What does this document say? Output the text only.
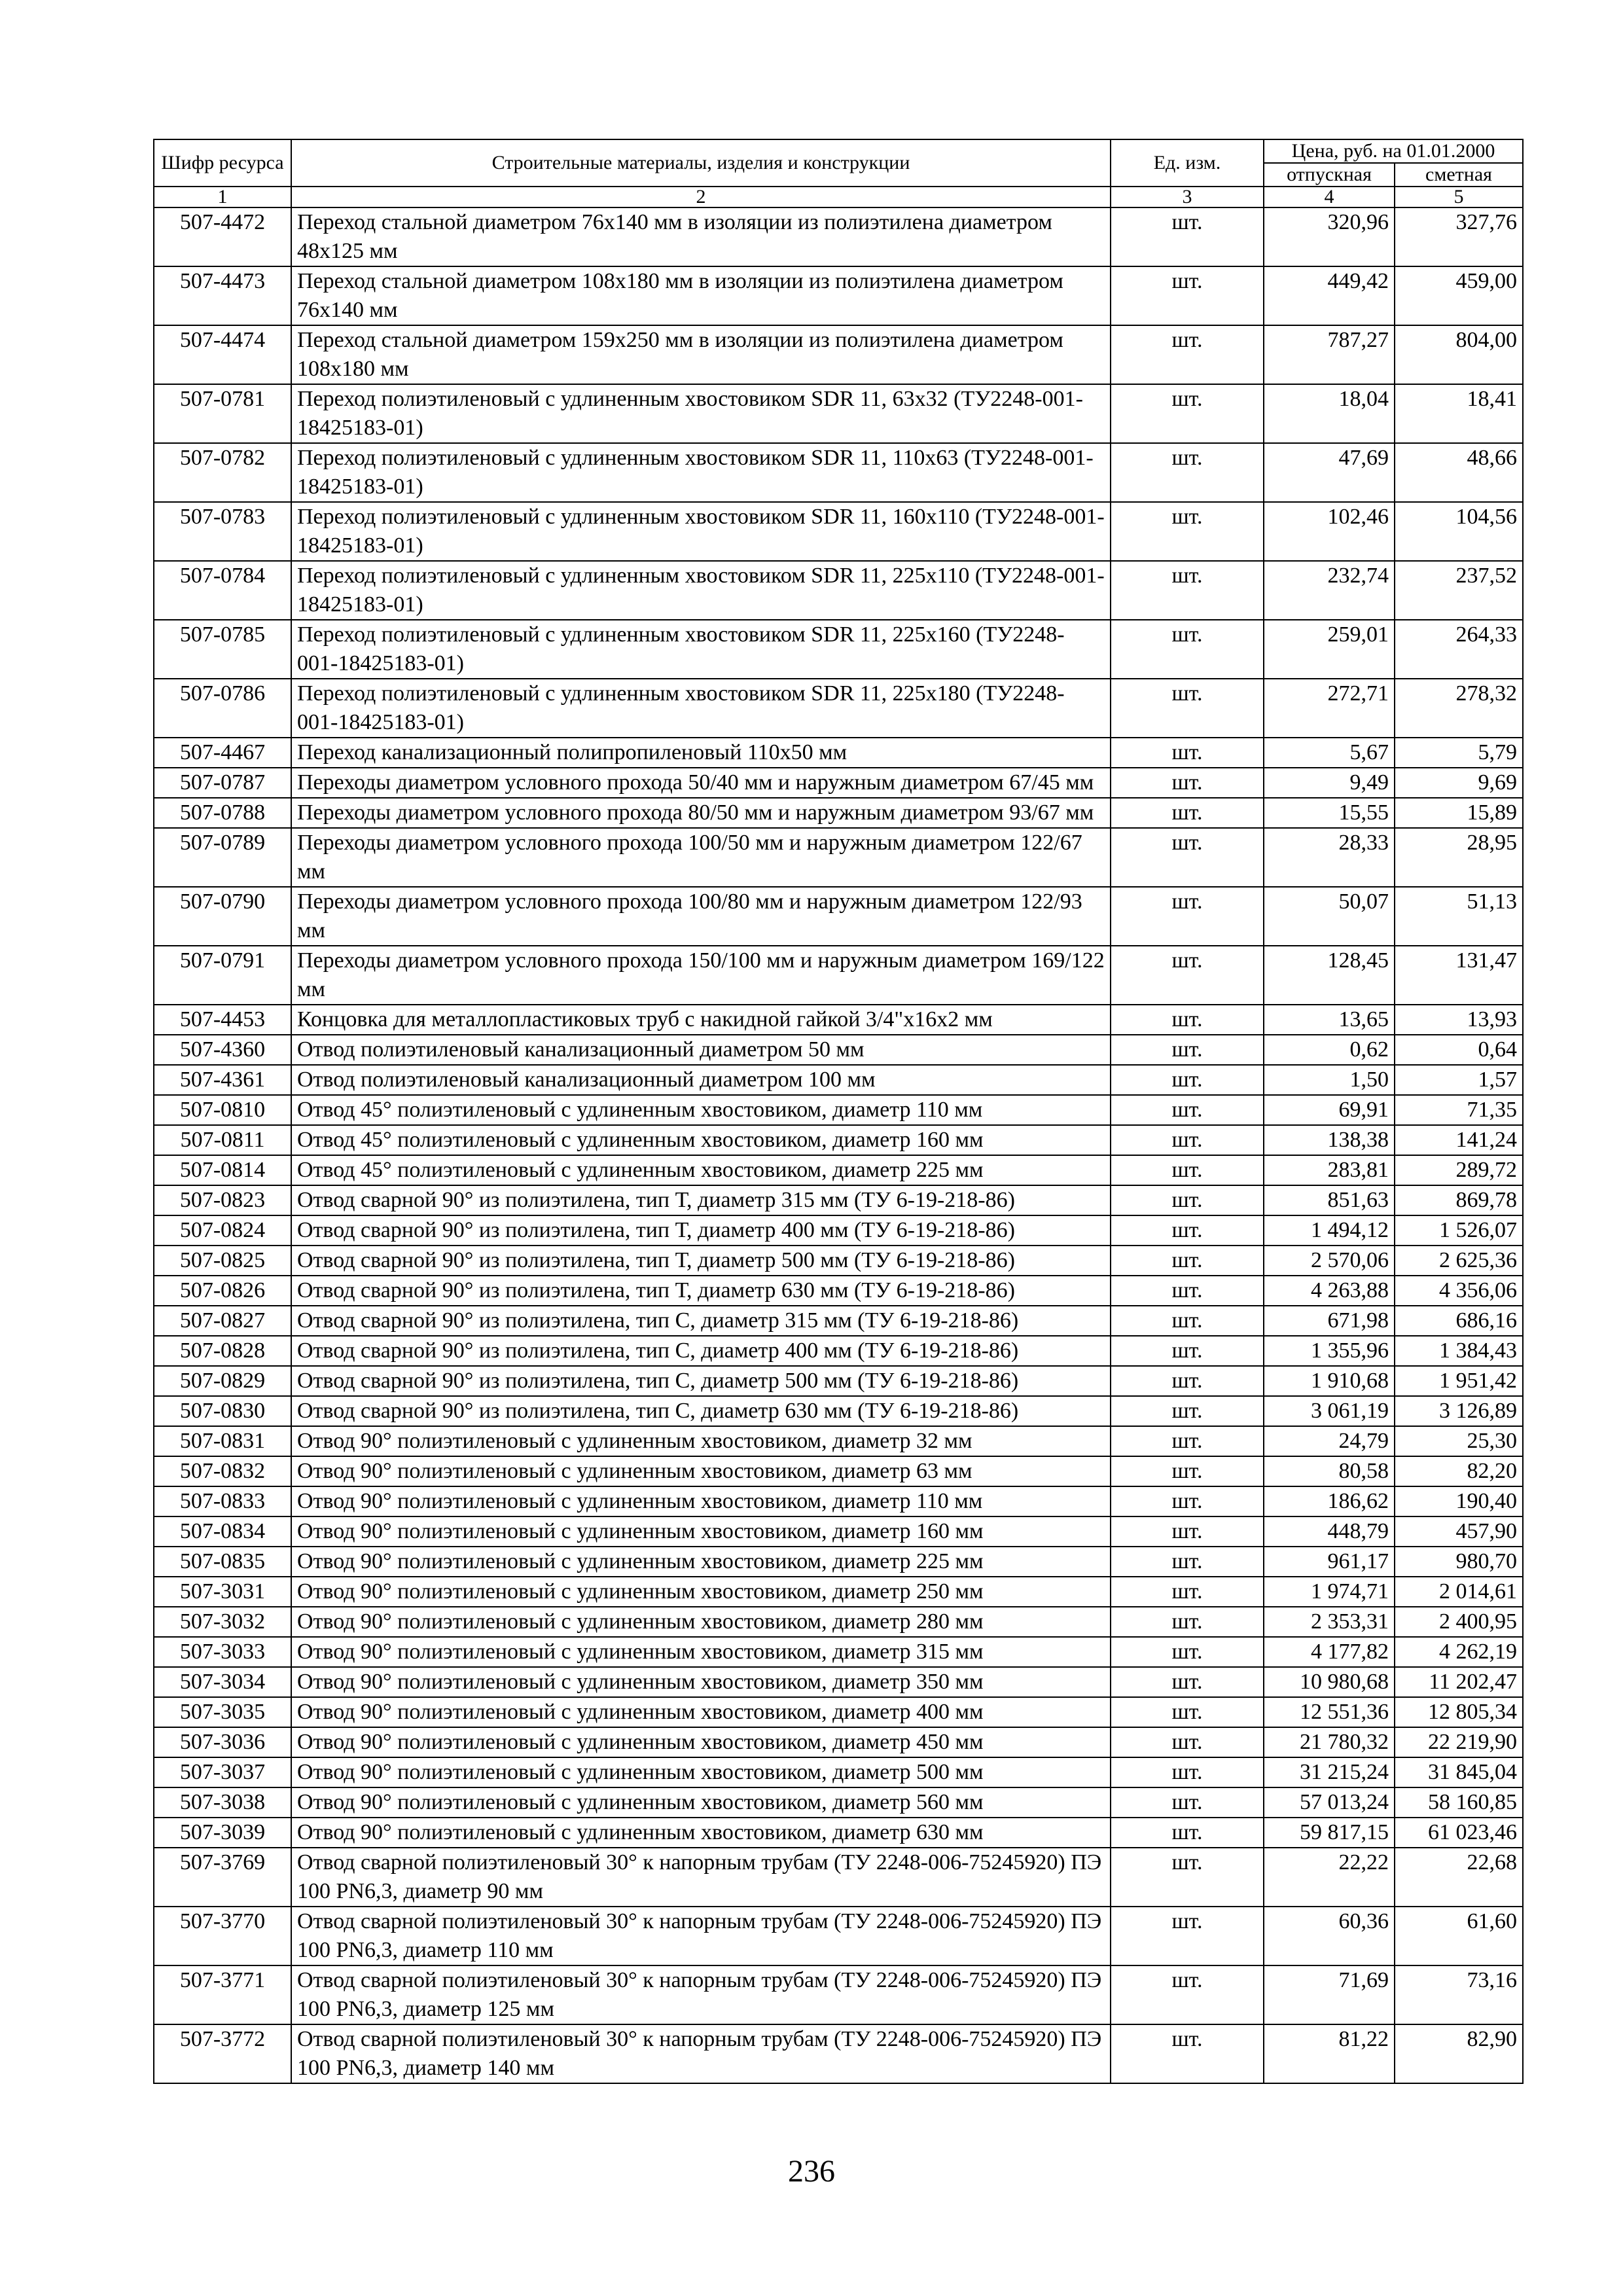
Шифр ресурса	Строительные материалы, изделия и конструкции	Ед. изм.	Цена, руб. на 01.01.2000	
			отпускная	сметная
1	2	3	4	5
507-4472	Переход стальной диаметром 76x140 мм в изоляции из полиэтилена диаметром 48x125 мм	шт.	320,96	327,76
507-4473	Переход стальной диаметром 108x180 мм в изоляции из полиэтилена диаметром 76x140 мм	шт.	449,42	459,00
507-4474	Переход стальной диаметром 159x250 мм в изоляции из полиэтилена диаметром 108x180 мм	шт.	787,27	804,00
507-0781	Переход полиэтиленовый с удлиненным хвостовиком SDR 11, 63x32 (ТУ2248-001-18425183-01)	шт.	18,04	18,41
507-0782	Переход полиэтиленовый с удлиненным хвостовиком SDR 11, 110x63 (ТУ2248-001-18425183-01)	шт.	47,69	48,66
507-0783	Переход полиэтиленовый с удлиненным хвостовиком SDR 11, 160x110 (ТУ2248-001-18425183-01)	шт.	102,46	104,56
507-0784	Переход полиэтиленовый с удлиненным хвостовиком SDR 11, 225x110 (ТУ2248-001-18425183-01)	шт.	232,74	237,52
507-0785	Переход полиэтиленовый с удлиненным хвостовиком SDR 11, 225x160 (ТУ2248-001-18425183-01)	шт.	259,01	264,33
507-0786	Переход полиэтиленовый с удлиненным хвостовиком SDR 11, 225x180 (ТУ2248-001-18425183-01)	шт.	272,71	278,32
507-4467	Переход канализационный полипропиленовый 110x50 мм	шт.	5,67	5,79
507-0787	Переходы диаметром условного прохода 50/40 мм и наружным диаметром 67/45 мм	шт.	9,49	9,69
507-0788	Переходы диаметром условного прохода 80/50 мм и наружным диаметром 93/67 мм	шт.	15,55	15,89
507-0789	Переходы диаметром условного прохода 100/50 мм и наружным диаметром 122/67 мм	шт.	28,33	28,95
507-0790	Переходы диаметром условного прохода 100/80 мм и наружным диаметром 122/93 мм	шт.	50,07	51,13
507-0791	Переходы диаметром условного прохода 150/100 мм и наружным диаметром 169/122 мм	шт.	128,45	131,47
507-4453	Концовка для металлопластиковых труб с накидной гайкой 3/4"x16x2 мм	шт.	13,65	13,93
507-4360	Отвод полиэтиленовый канализационный диаметром 50 мм	шт.	0,62	0,64
507-4361	Отвод полиэтиленовый канализационный диаметром 100 мм	шт.	1,50	1,57
507-0810	Отвод 45° полиэтиленовый с удлиненным хвостовиком, диаметр 110 мм	шт.	69,91	71,35
507-0811	Отвод 45° полиэтиленовый с удлиненным хвостовиком, диаметр 160 мм	шт.	138,38	141,24
507-0814	Отвод 45° полиэтиленовый с удлиненным хвостовиком, диаметр 225 мм	шт.	283,81	289,72
507-0823	Отвод сварной 90° из полиэтилена, тип Т, диаметр 315 мм (ТУ 6-19-218-86)	шт.	851,63	869,78
507-0824	Отвод сварной 90° из полиэтилена, тип Т, диаметр 400 мм (ТУ 6-19-218-86)	шт.	1 494,12	1 526,07
507-0825	Отвод сварной 90° из полиэтилена, тип Т, диаметр 500 мм (ТУ 6-19-218-86)	шт.	2 570,06	2 625,36
507-0826	Отвод сварной 90° из полиэтилена, тип Т, диаметр 630 мм (ТУ 6-19-218-86)	шт.	4 263,88	4 356,06
507-0827	Отвод сварной 90° из полиэтилена, тип С, диаметр 315 мм (ТУ 6-19-218-86)	шт.	671,98	686,16
507-0828	Отвод сварной 90° из полиэтилена, тип С, диаметр 400 мм (ТУ 6-19-218-86)	шт.	1 355,96	1 384,43
507-0829	Отвод сварной 90° из полиэтилена, тип С, диаметр 500 мм (ТУ 6-19-218-86)	шт.	1 910,68	1 951,42
507-0830	Отвод сварной 90° из полиэтилена, тип С, диаметр 630 мм (ТУ 6-19-218-86)	шт.	3 061,19	3 126,89
507-0831	Отвод 90° полиэтиленовый с удлиненным хвостовиком, диаметр 32 мм	шт.	24,79	25,30
507-0832	Отвод 90° полиэтиленовый с удлиненным хвостовиком, диаметр 63 мм	шт.	80,58	82,20
507-0833	Отвод 90° полиэтиленовый с удлиненным хвостовиком, диаметр 110 мм	шт.	186,62	190,40
507-0834	Отвод 90° полиэтиленовый с удлиненным хвостовиком, диаметр 160 мм	шт.	448,79	457,90
507-0835	Отвод 90° полиэтиленовый с удлиненным хвостовиком, диаметр 225 мм	шт.	961,17	980,70
507-3031	Отвод 90° полиэтиленовый с удлиненным хвостовиком, диаметр 250 мм	шт.	1 974,71	2 014,61
507-3032	Отвод 90° полиэтиленовый с удлиненным хвостовиком, диаметр 280 мм	шт.	2 353,31	2 400,95
507-3033	Отвод 90° полиэтиленовый с удлиненным хвостовиком, диаметр 315 мм	шт.	4 177,82	4 262,19
507-3034	Отвод 90° полиэтиленовый с удлиненным хвостовиком, диаметр 350 мм	шт.	10 980,68	11 202,47
507-3035	Отвод 90° полиэтиленовый с удлиненным хвостовиком, диаметр 400 мм	шт.	12 551,36	12 805,34
507-3036	Отвод 90° полиэтиленовый с удлиненным хвостовиком, диаметр 450 мм	шт.	21 780,32	22 219,90
507-3037	Отвод 90° полиэтиленовый с удлиненным хвостовиком, диаметр 500 мм	шт.	31 215,24	31 845,04
507-3038	Отвод 90° полиэтиленовый с удлиненным хвостовиком, диаметр 560 мм	шт.	57 013,24	58 160,85
507-3039	Отвод 90° полиэтиленовый с удлиненным хвостовиком, диаметр 630 мм	шт.	59 817,15	61 023,46
507-3769	Отвод сварной полиэтиленовый 30° к напорным трубам (ТУ 2248-006-75245920) ПЭ 100 PN6,3, диаметр 90 мм	шт.	22,22	22,68
507-3770	Отвод сварной полиэтиленовый 30° к напорным трубам (ТУ 2248-006-75245920) ПЭ 100 PN6,3, диаметр 110 мм	шт.	60,36	61,60
507-3771	Отвод сварной полиэтиленовый 30° к напорным трубам (ТУ 2248-006-75245920) ПЭ 100 PN6,3, диаметр 125 мм	шт.	71,69	73,16
507-3772	Отвод сварной полиэтиленовый 30° к напорным трубам (ТУ 2248-006-75245920) ПЭ 100 PN6,3, диаметр 140 мм	шт.	81,22	82,90
236
